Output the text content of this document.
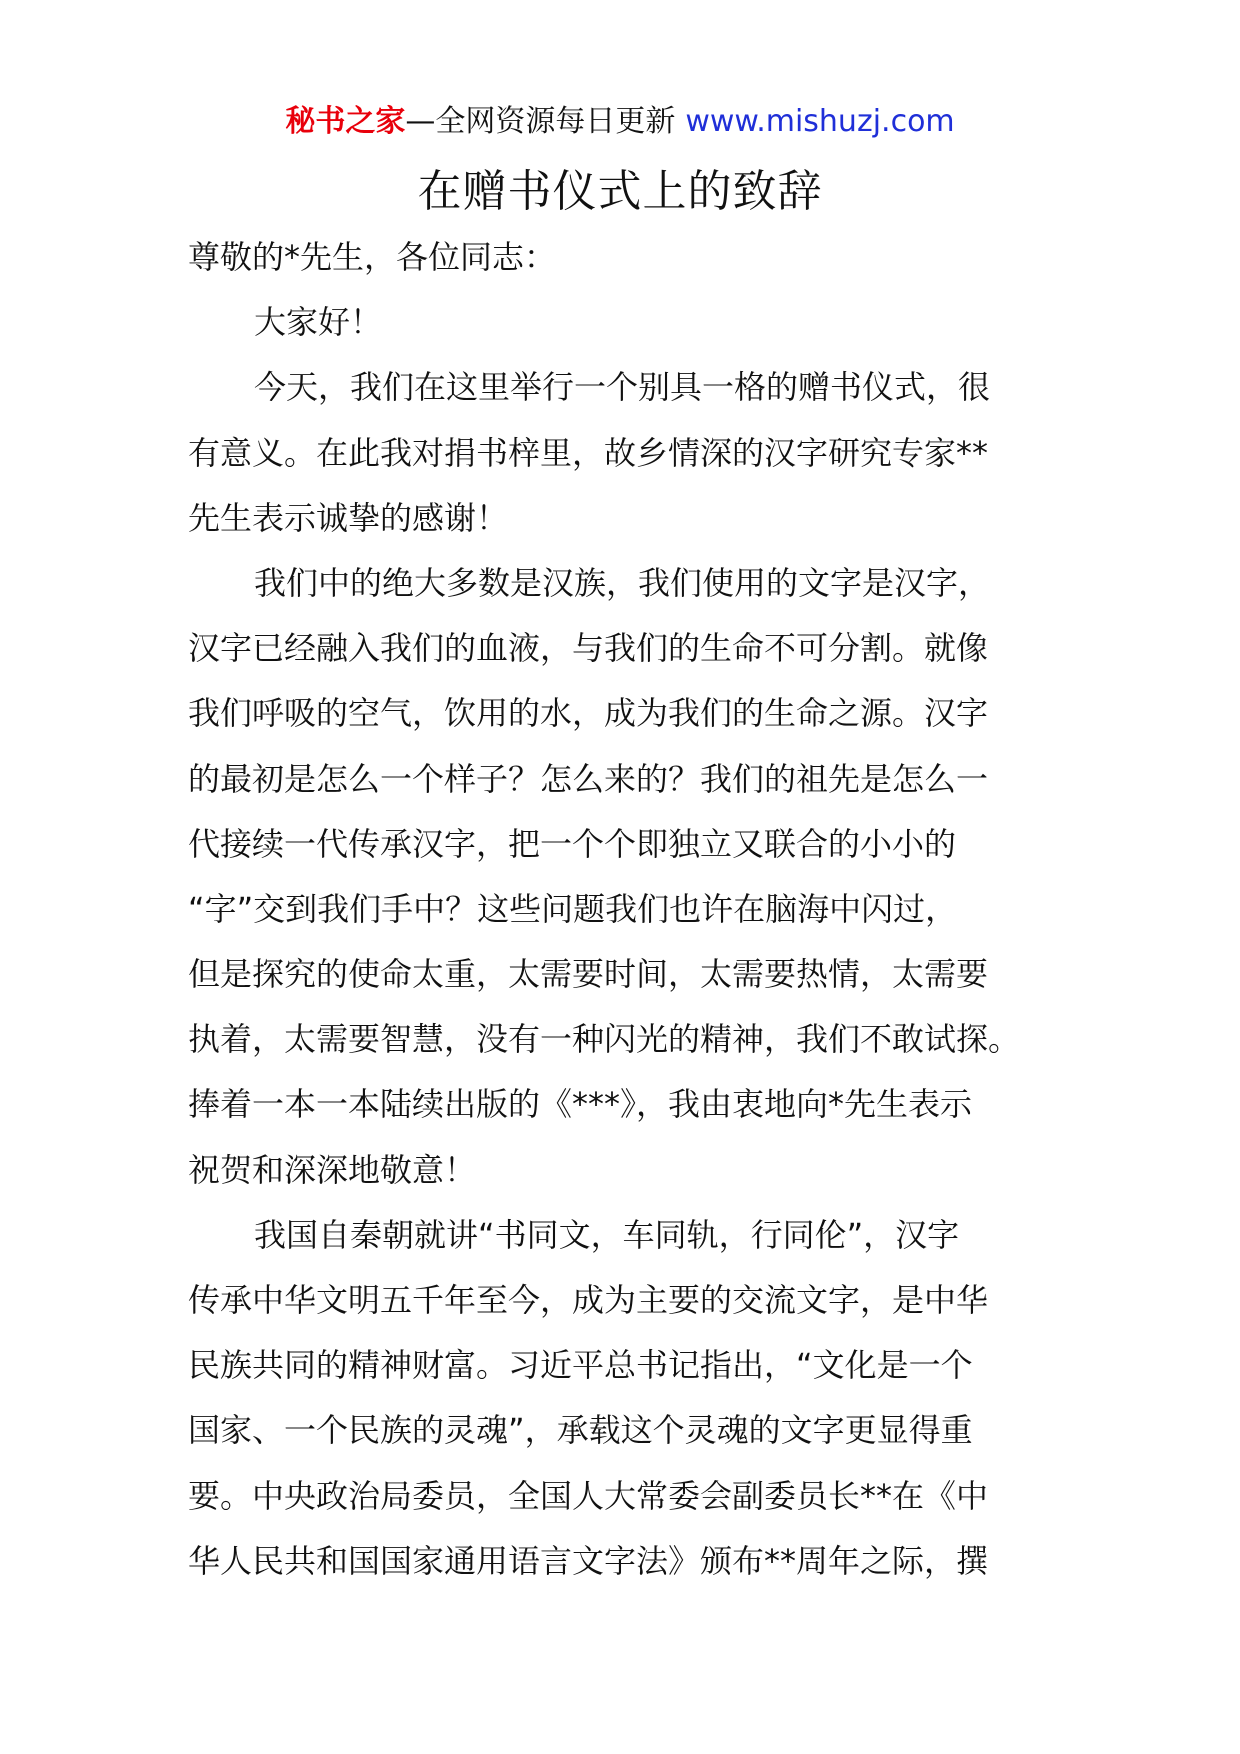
秘书之家—全网资源每日更新 www.mishuzj.com
在赠书仪式上的致辞
尊敬的*先生，各位同志：
大家好！
今天，我们在这里举行一个别具一格的赠书仪式，很
有意义。在此我对捐书梓里，故乡情深的汉字研究专家**
先生表示诚挚的感谢！
我们中的绝大多数是汉族，我们使用的文字是汉字，
汉字已经融入我们的血液，与我们的生命不可分割。就像
我们呼吸的空气，饮用的水，成为我们的生命之源。汉字
的最初是怎么一个样子？怎么来的？我们的祖先是怎么一
代接续一代传承汉字，把一个个即独立又联合的小小的
“字”交到我们手中？这些问题我们也许在脑海中闪过，
但是探究的使命太重，太需要时间，太需要热情，太需要
执着，太需要智慧，没有一种闪光的精神，我们不敢试探。
捧着一本一本陆续出版的《***》，我由衷地向*先生表示
祝贺和深深地敬意！
我国自秦朝就讲“书同文，车同轨，行同伦”，汉字
传承中华文明五千年至今，成为主要的交流文字，是中华
民族共同的精神财富。习近平总书记指出，“文化是一个
国家、一个民族的灵魂”，承载这个灵魂的文字更显得重
要。中央政治局委员，全国人大常委会副委员长**在《中
华人民共和国国家通用语言文字法》颁布**周年之际，撰
